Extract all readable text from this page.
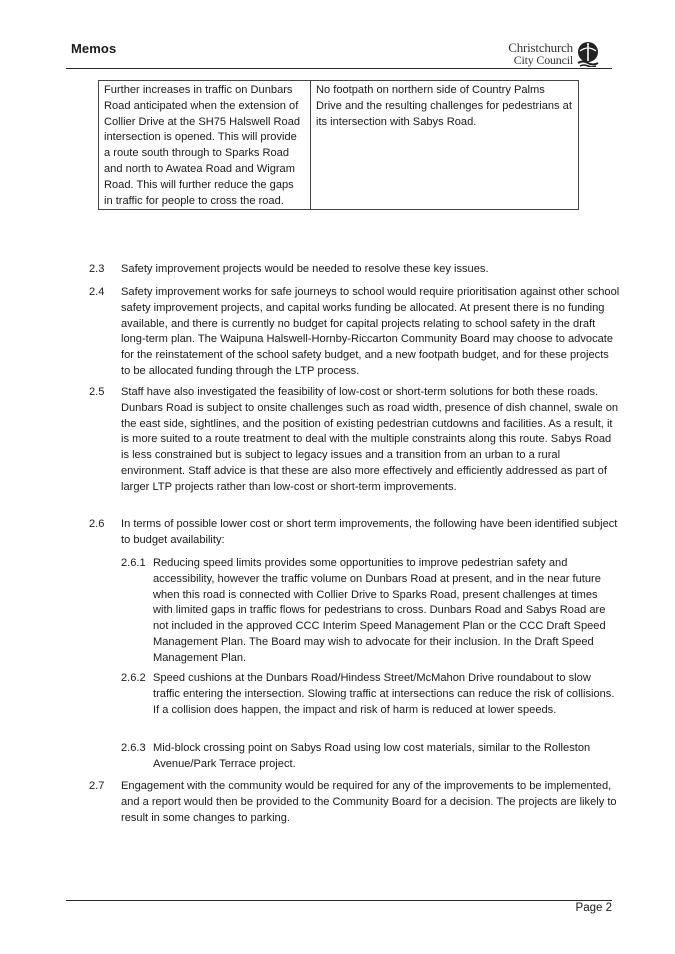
Memos	Christchurch
City Council
Further increases in traffic on Dunbars Road anticipated when the extension of Collier Drive at the SH75 Halswell Road intersection is opened. This will provide a route south through to Sparks Road and north to Awatea Road and Wigram Road. This will further reduce the gaps in traffic for people to cross the road.	No footpath on northern side of Country Palms Drive and the resulting challenges for pedestrians at its intersection with Sabys Road.
2.3 Safety improvement projects would be needed to resolve these key issues.
2.4 Safety improvement works for safe journeys to school would require prioritisation against other school safety improvement projects, and capital works funding be allocated. At present there is no funding available, and there is currently no budget for capital projects relating to school safety in the draft long-term plan. The Waipuna Halswell-Hornby-Riccarton Community Board may choose to advocate for the reinstatement of the school safety budget, and a new footpath budget, and for these projects to be allocated funding through the LTP process.
2.5 Staff have also investigated the feasibility of low-cost or short-term solutions for both these roads. Dunbars Road is subject to onsite challenges such as road width, presence of dish channel, swale on the east side, sightlines, and the position of existing pedestrian cutdowns and facilities. As a result, it is more suited to a route treatment to deal with the multiple constraints along this route. Sabys Road is less constrained but is subject to legacy issues and a transition from an urban to a rural environment. Staff advice is that these are also more effectively and efficiently addressed as part of larger LTP projects rather than low-cost or short-term improvements.
2.6 In terms of possible lower cost or short term improvements, the following have been identified subject to budget availability:
2.6.1 Reducing speed limits provides some opportunities to improve pedestrian safety and accessibility, however the traffic volume on Dunbars Road at present, and in the near future when this road is connected with Collier Drive to Sparks Road, present challenges at times with limited gaps in traffic flows for pedestrians to cross. Dunbars Road and Sabys Road are not included in the approved CCC Interim Speed Management Plan or the CCC Draft Speed Management Plan. The Board may wish to advocate for their inclusion. In the Draft Speed Management Plan.
2.6.2 Speed cushions at the Dunbars Road/Hindess Street/McMahon Drive roundabout to slow traffic entering the intersection. Slowing traffic at intersections can reduce the risk of collisions. If a collision does happen, the impact and risk of harm is reduced at lower speeds.
2.6.3 Mid-block crossing point on Sabys Road using low cost materials, similar to the Rolleston Avenue/Park Terrace project.
2.7 Engagement with the community would be required for any of the improvements to be implemented, and a report would then be provided to the Community Board for a decision. The projects are likely to result in some changes to parking.
Page 2
